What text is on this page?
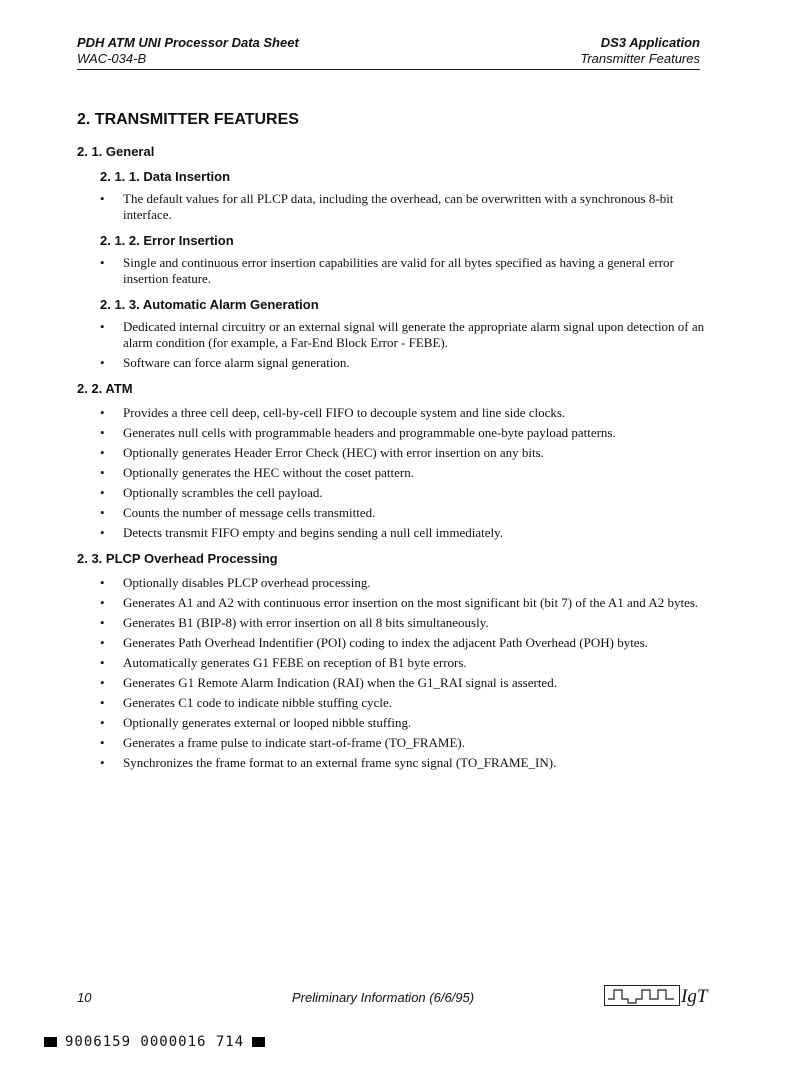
PDH ATM UNI Processor Data Sheet
WAC-034-B
DS3 Application
Transmitter Features
2. TRANSMITTER FEATURES
2. 1. General
2. 1. 1. Data Insertion
• The default values for all PLCP data, including the overhead, can be overwritten with a synchronous 8-bit interface.
2. 1. 2. Error Insertion
• Single and continuous error insertion capabilities are valid for all bytes specified as having a general error insertion feature.
2. 1. 3. Automatic Alarm Generation
• Dedicated internal circuitry or an external signal will generate the appropriate alarm signal upon detection of an alarm condition (for example, a Far-End Block Error - FEBE).
• Software can force alarm signal generation.
2. 2. ATM
• Provides a three cell deep, cell-by-cell FIFO to decouple system and line side clocks.
• Generates null cells with programmable headers and programmable one-byte payload patterns.
• Optionally generates Header Error Check (HEC) with error insertion on any bits.
• Optionally generates the HEC without the coset pattern.
• Optionally scrambles the cell payload.
• Counts the number of message cells transmitted.
• Detects transmit FIFO empty and begins sending a null cell immediately.
2. 3. PLCP Overhead Processing
• Optionally disables PLCP overhead processing.
• Generates A1 and A2 with continuous error insertion on the most significant bit (bit 7) of the A1 and A2 bytes.
• Generates B1 (BIP-8) with error insertion on all 8 bits simultaneously.
• Generates Path Overhead Indentifier (POI) coding to index the adjacent Path Overhead (POH) bytes.
• Automatically generates G1 FEBE on reception of B1 byte errors.
• Generates G1 Remote Alarm Indication (RAI) when the G1_RAI signal is asserted.
• Generates C1 code to indicate nibble stuffing cycle.
• Optionally generates external or looped nibble stuffing.
• Generates a frame pulse to indicate start-of-frame (TO_FRAME).
• Synchronizes the frame format to an external frame sync signal (TO_FRAME_IN).
10	Preliminary Information (6/6/95)	IgT
9006159 0000016 714
